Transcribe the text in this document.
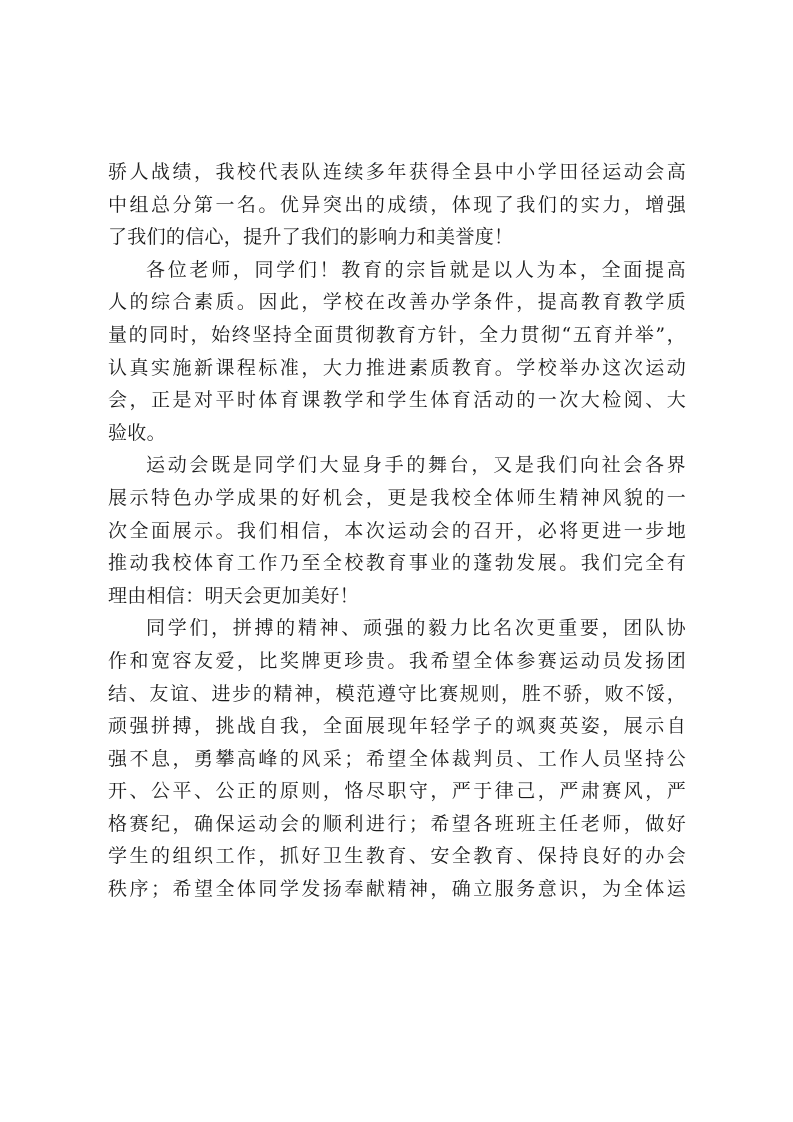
骄人战绩，我校代表队连续多年获得全县中小学田径运动会高
中组总分第一名。优异突出的成绩，体现了我们的实力，增强
了我们的信心，提升了我们的影响力和美誉度！
各位老师，同学们！教育的宗旨就是以人为本，全面提高
人的综合素质。因此，学校在改善办学条件，提高教育教学质
量的同时，始终坚持全面贯彻教育方针，全力贯彻“五育并举”，
认真实施新课程标准，大力推进素质教育。学校举办这次运动
会，正是对平时体育课教学和学生体育活动的一次大检阅、大
验收。
运动会既是同学们大显身手的舞台，又是我们向社会各界
展示特色办学成果的好机会，更是我校全体师生精神风貌的一
次全面展示。我们相信，本次运动会的召开，必将更进一步地
推动我校体育工作乃至全校教育事业的蓬勃发展。我们完全有
理由相信：明天会更加美好！
同学们，拼搏的精神、顽强的毅力比名次更重要，团队协
作和宽容友爱，比奖牌更珍贵。我希望全体参赛运动员发扬团
结、友谊、进步的精神，模范遵守比赛规则，胜不骄，败不馁，
顽强拼搏，挑战自我，全面展现年轻学子的飒爽英姿，展示自
强不息，勇攀高峰的风采；希望全体裁判员、工作人员坚持公
开、公平、公正的原则，恪尽职守，严于律己，严肃赛风，严
格赛纪，确保运动会的顺利进行；希望各班班主任老师，做好
学生的组织工作，抓好卫生教育、安全教育、保持良好的办会
秩序；希望全体同学发扬奉献精神，确立服务意识，为全体运
